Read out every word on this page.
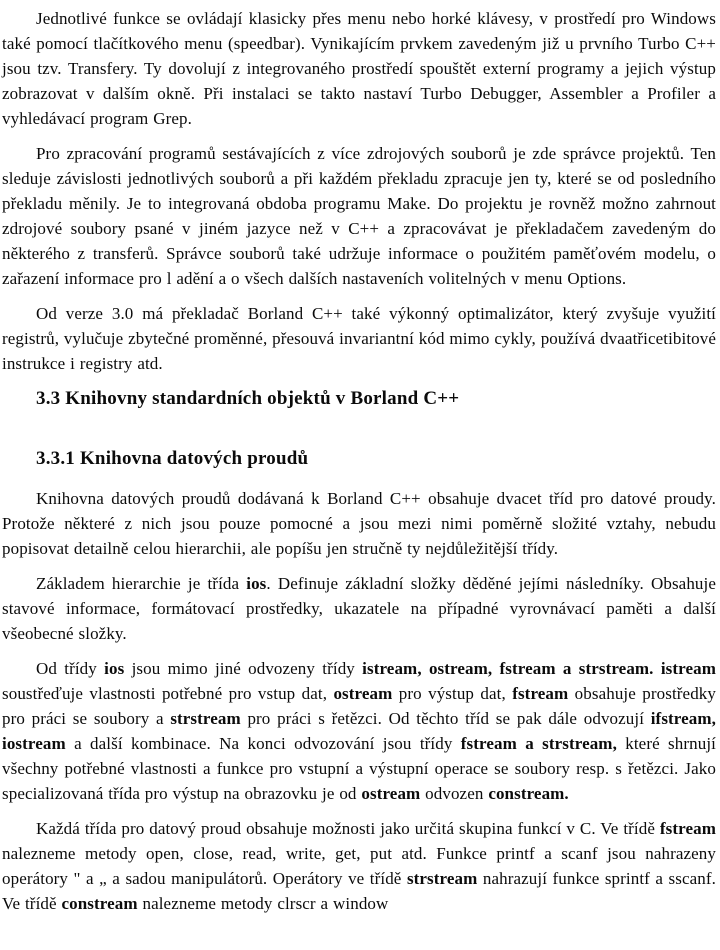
Jednotlivé funkce se ovládají klasicky přes menu nebo horké klávesy, v prostředí pro Windows také pomocí tlačítkového menu (speedbar). Vynikajícím prvkem zavedeným již u prvního Turbo C++ jsou tzv. Transfery. Ty dovolují z integrovaného prostředí spouštět externí programy a jejich výstup zobrazovat v dalším okně. Při instalaci se takto nastaví Turbo Debugger, Assembler a Profiler a vyhledávací program Grep.

Pro zpracování programů sestávajících z více zdrojových souborů je zde správce projektů. Ten sleduje závislosti jednotlivých souborů a při každém překladu zpracuje jen ty, které se od posledního překladu měnily. Je to integrovaná obdoba programu Make. Do projektu je rovněž možno zahrnout zdrojové soubory psané v jiném jazyce než v C++ a zpracovávat je překladačem zavedeným do některého z transferů. Správce souborů také udržuje informace o použitém paměťovém modelu, o zařazení informace pro l adění a o všech dalších nastaveních volitelných v menu Options.

Od verze 3.0 má překladač Borland C++ také výkonný optimalizátor, který zvyšuje využití registrů, vylučuje zbytečné proměnné, přesouvá invariantní kód mimo cykly, používá dvaatřicetibitové instrukce i registry atd.

3.3 Knihovny standardních objektů v Borland C++
3.3.1 Knihovna datových proudů

Knihovna datových proudů dodávaná k Borland C++ obsahuje dvacet tříd pro datové proudy. Protože některé z nich jsou pouze pomocné a jsou mezi nimi poměrně složité vztahy, nebudu popisovat detailně celou hierarchii, ale popíšu jen stručně ty nejdůležitější třídy.

Základem hierarchie je třída ios. Definuje základní složky děděné jejími následníky. Obsahuje stavové informace, formátovací prostředky, ukazatele na případné vyrovnávací paměti a další všeobecné složky.

Od třídy ios jsou mimo jiné odvozeny třídy istream, ostream, fstream a strstream. istream soustřeďuje vlastnosti potřebné pro vstup dat, ostream pro výstup dat, fstream obsahuje prostředky pro práci se soubory a strstream pro práci s řetězci. Od těchto tříd se pak dále odvozují ifstream, iostream a další kombinace. Na konci odvozování jsou třídy fstream a strstream, které shrnují všechny potřebné vlastnosti a funkce pro vstupní a výstupní operace se soubory resp. s řetězci. Jako specializovaná třída pro výstup na obrazovku je od ostream odvozen constream.

Každá třída pro datový proud obsahuje možnosti jako určitá skupina funkcí v C. Ve třídě fstream nalezneme metody open, close, read, write, get, put atd. Funkce printf a scanf jsou nahrazeny operátory " a „ a sadou manipulátorů. Operátory ve třídě strstream nahrazují funkce sprintf a sscanf. Ve třídě constream nalezneme metody clrscr a window
